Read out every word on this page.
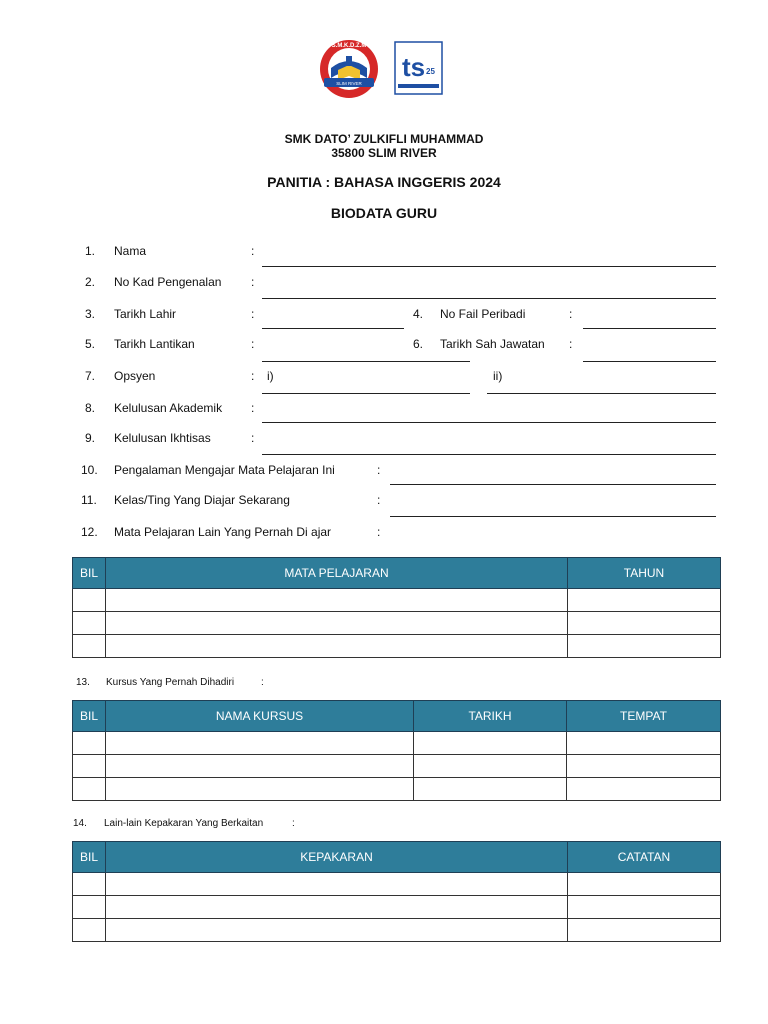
S.M.K.D.Z.M
SLIM RIVER
ts 25
SMK DATO’ ZULKIFLI MUHAMMAD
35800 SLIM RIVER
PANITIA : BAHASA INGGERIS 2024
BIODATA GURU
1. Nama	:
2. No Kad Pengenalan :
3. Tarikh Lahir	:	4. No Fail Peribadi	:
5. Tarikh Lantikan	:	6. Tarikh Sah Jawatan :
7. Opsyen	: i)	ii)
8. Kelulusan Akademik :
9. Kelulusan Ikhtisas	:
10. Pengalaman Mengajar Mata Pelajaran Ini	:
11. Kelas/Ting Yang Diajar Sekarang	:
12. Mata Pelajaran Lain Yang Pernah Di ajar	:
BIL	MATA PELAJARAN	TAHUN

13. Kursus Yang Pernah Dihadiri	:
BIL	NAMA KURSUS	TARIKH	TEMPAT

14. Lain-lain Kepakaran Yang Berkaitan	:
BIL	KEPAKARAN	CATATAN
